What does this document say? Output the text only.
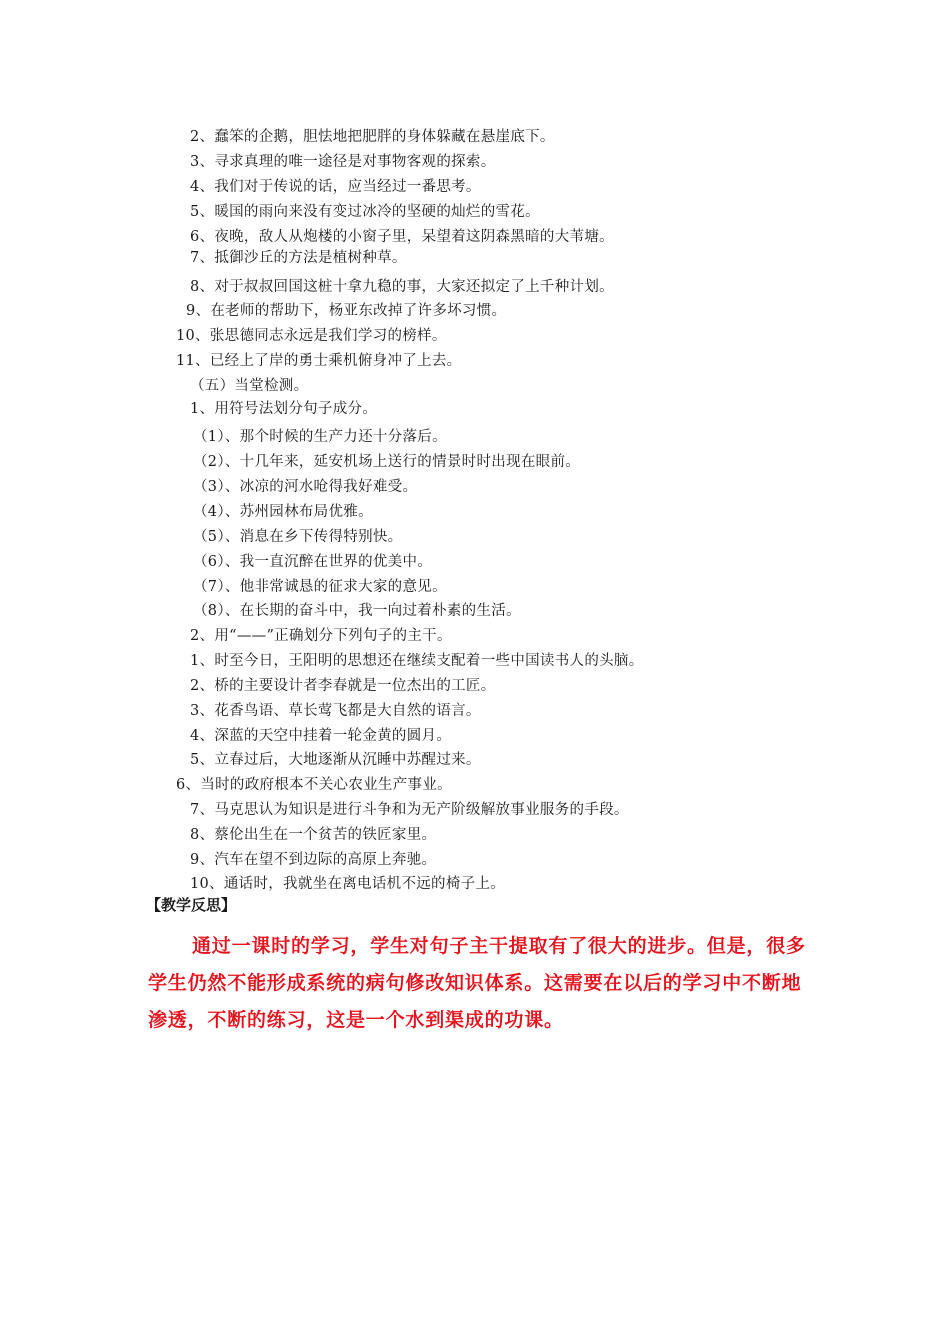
2、蠢笨的企鹅，胆怯地把肥胖的身体躲藏在悬崖底下。
3、寻求真理的唯一途径是对事物客观的探索。
4、我们对于传说的话，应当经过一番思考。
5、暖国的雨向来没有变过冰冷的坚硬的灿烂的雪花。
6、夜晚，敌人从炮楼的小窗子里，呆望着这阴森黑暗的大苇塘。
7、抵御沙丘的方法是植树种草。
8、对于叔叔回国这桩十拿九稳的事，大家还拟定了上千种计划。
9、在老师的帮助下，杨亚东改掉了许多坏习惯。
10、张思德同志永远是我们学习的榜样。
11、已经上了岸的勇士乘机俯身冲了上去。
（五）当堂检测。
1、用符号法划分句子成分。
（1）、那个时候的生产力还十分落后。
（2）、十几年来，延安机场上送行的情景时时出现在眼前。
（3）、冰凉的河水呛得我好难受。
（4）、苏州园林布局优雅。
（5）、消息在乡下传得特别快。
（6）、我一直沉醉在世界的优美中。
（7）、他非常诚恳的征求大家的意见。
（8）、在长期的奋斗中，我一向过着朴素的生活。
2、用“——”正确划分下列句子的主干。
1、时至今日，王阳明的思想还在继续支配着一些中国读书人的头脑。
2、桥的主要设计者李春就是一位杰出的工匠。
3、花香鸟语、草长莺飞都是大自然的语言。
4、深蓝的天空中挂着一轮金黄的圆月。
5、立春过后，大地逐渐从沉睡中苏醒过来。
6、当时的政府根本不关心农业生产事业。
7、马克思认为知识是进行斗争和为无产阶级解放事业服务的手段。
8、蔡伦出生在一个贫苦的铁匠家里。
9、汽车在望不到边际的高原上奔驰。
10、通话时，我就坐在离电话机不远的椅子上。
【教学反思】
通过一课时的学习，学生对句子主干提取有了很大的进步。但是，很多学生仍然不能形成系统的病句修改知识体系。这需要在以后的学习中不断地渗透，不断的练习，这是一个水到渠成的功课。
